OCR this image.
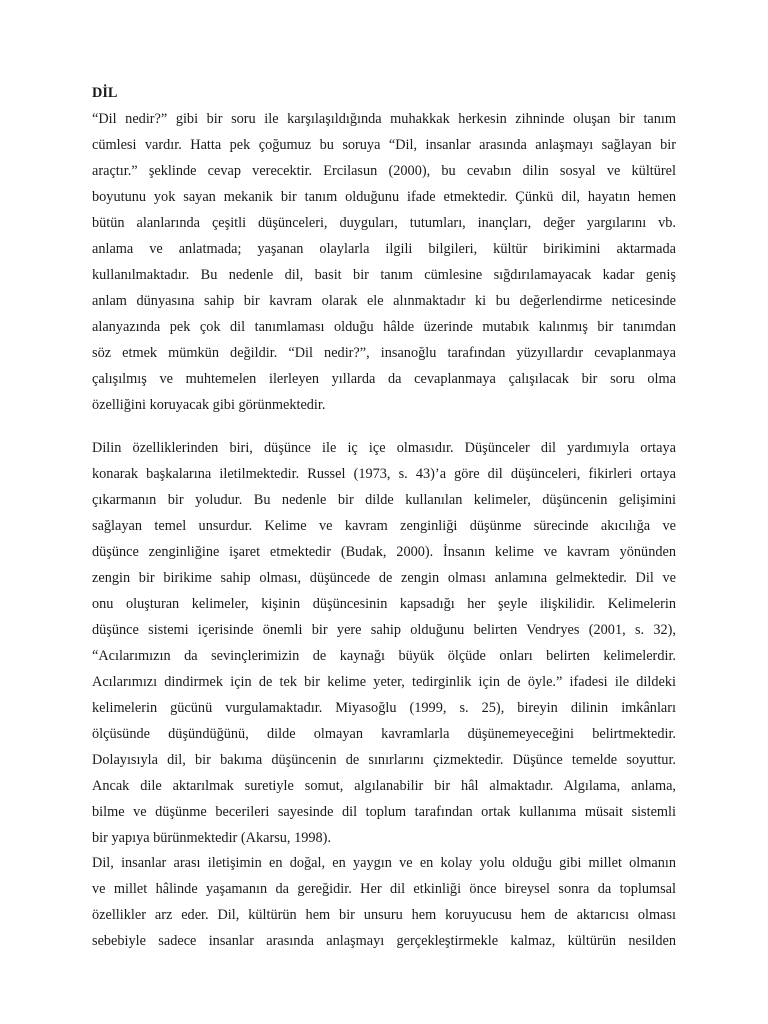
DİL
“Dil nedir?” gibi bir soru ile karşılaşıldığında muhakkak herkesin zihninde oluşan bir tanım
cümlesi vardır. Hatta pek çoğumuz bu soruya “Dil, insanlar arasında anlaşmayı sağlayan bir
araçtır.” şeklinde cevap verecektir. Ercilasun (2000), bu cevabın dilin sosyal ve kültürel
boyutunu yok sayan mekanik bir tanım olduğunu ifade etmektedir. Çünkü dil, hayatın hemen
bütün alanlarında çeşitli düşünceleri, duyguları, tutumları, inançları, değer yargılarını vb.
anlama ve anlatmada; yaşanan olaylarla ilgili bilgileri, kültür birikimini aktarmada
kullanılmaktadır. Bu nedenle dil, basit bir tanım cümlesine sığdırılamayacak kadar geniş
anlam dünyasına sahip bir kavram olarak ele alınmaktadır ki bu değerlendirme neticesinde
alanyazında pek çok dil tanımlaması olduğu hâlde üzerinde mutabık kalınmış bir tanımdan
söz etmek mümkün değildir. “Dil nedir?”, insanoğlu tarafından yüzyıllardır cevaplanmaya
çalışılmış ve muhtemelen ilerleyen yıllarda da cevaplanmaya çalışılacak bir soru olma
özelliğini koruyacak gibi görünmektedir.
Dilin özelliklerinden biri, düşünce ile iç içe olmasıdır. Düşünceler dil yardımıyla ortaya
konarak başkalarına iletilmektedir. Russel (1973, s. 43)’a göre dil düşünceleri, fikirleri ortaya
çıkarmanın bir yoludur. Bu nedenle bir dilde kullanılan kelimeler, düşüncenin gelişimini
sağlayan temel unsurdur. Kelime ve kavram zenginliği düşünme sürecinde akıcılığa ve
düşünce zenginliğine işaret etmektedir (Budak, 2000). İnsanın kelime ve kavram yönünden
zengin bir birikime sahip olması, düşüncede de zengin olması anlamına gelmektedir. Dil ve
onu oluşturan kelimeler, kişinin düşüncesinin kapsadığı her şeyle ilişkilidir. Kelimelerin
düşünce sistemi içerisinde önemli bir yere sahip olduğunu belirten Vendryes (2001, s. 32),
“Acılarımızın da sevinçlerimizin de kaynağı büyük ölçüde onları belirten kelimelerdir.
Acılarımızı dindirmek için de tek bir kelime yeter, tedirginlik için de öyle.” ifadesi ile dildeki
kelimelerin gücünü vurgulamaktadır. Miyasoğlu (1999, s. 25), bireyin dilinin imkânları
ölçüsünde düşündüğünü, dilde olmayan kavramlarla düşünemeyeceğini belirtmektedir.
Dolayısıyla dil, bir bakıma düşüncenin de sınırlarını çizmektedir. Düşünce temelde soyuttur.
Ancak dile aktarılmak suretiyle somut, algılanabilir bir hâl almaktadır. Algılama, anlama,
bilme ve düşünme becerileri sayesinde dil toplum tarafından ortak kullanıma müsait sistemli
bir yapıya bürünmektedir (Akarsu, 1998).
Dil, insanlar arası iletişimin en doğal, en yaygın ve en kolay yolu olduğu gibi millet olmanın
ve millet hâlinde yaşamanın da gereğidir. Her dil etkinliği önce bireysel sonra da toplumsal
özellikler arz eder. Dil, kültürün hem bir unsuru hem koruyucusu hem de aktarıcısı olması
sebebiyle sadece insanlar arasında anlaşmayı gerçekleştirmekle kalmaz, kültürün nesilden
